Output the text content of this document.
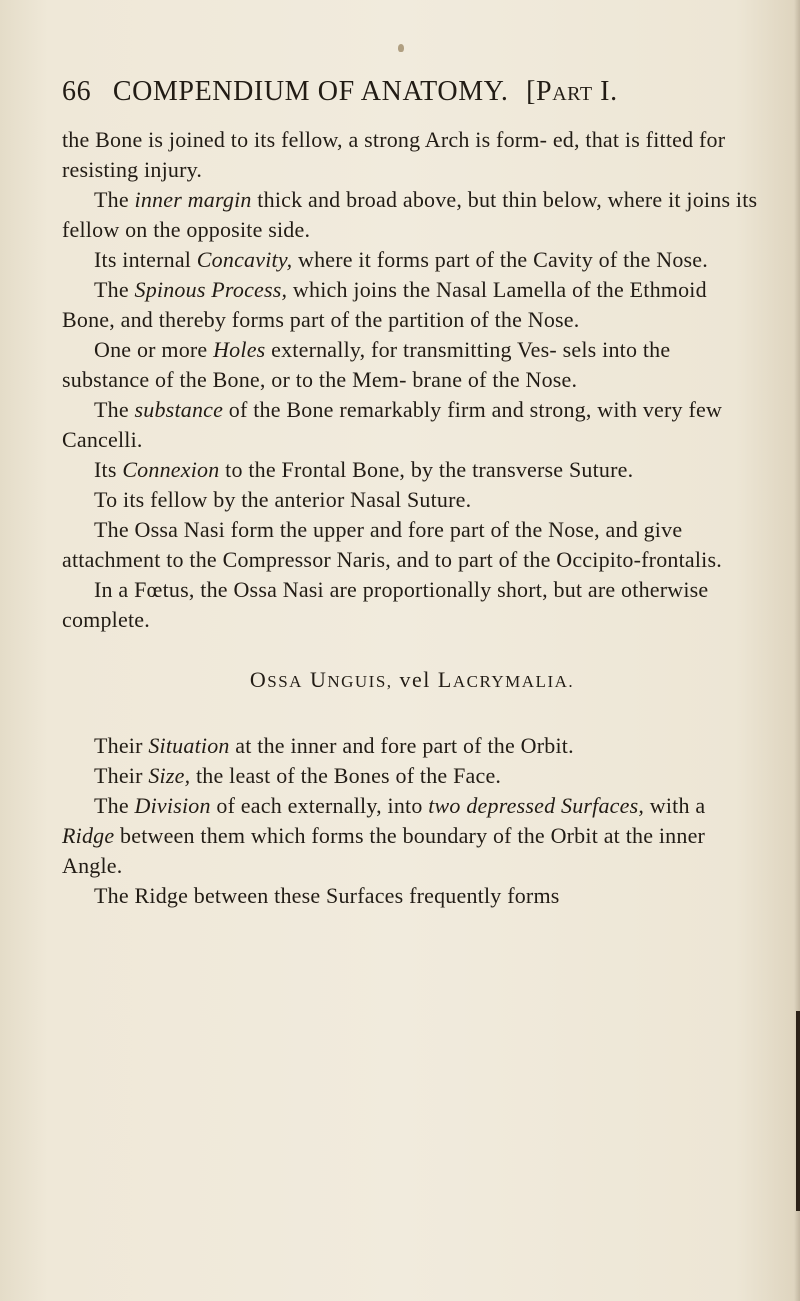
66 COMPENDIUM OF ANATOMY. [PART I.

the Bone is joined to its fellow, a strong Arch is form- ed, that is fitted for resisting injury.

The inner margin thick and broad above, but thin below, where it joins its fellow on the opposite side.

Its internal Concavity, where it forms part of the Cavity of the Nose.

The Spinous Process, which joins the Nasal Lamella of the Ethmoid Bone, and thereby forms part of the partition of the Nose.

One or more Holes externally, for transmitting Ves- sels into the substance of the Bone, or to the Mem- brane of the Nose.

The substance of the Bone remarkably firm and strong, with very few Cancelli.

Its Connexion to the Frontal Bone, by the transverse Suture.

To its fellow by the anterior Nasal Suture.

The Ossa Nasi form the upper and fore part of the Nose, and give attachment to the Compressor Naris, and to part of the Occipito-frontalis.

In a Fœtus, the Ossa Nasi are proportionally short, but are otherwise complete.

OSSA UNGUIS, vel LACRYMALIA.

Their Situation at the inner and fore part of the Orbit.

Their Size, the least of the Bones of the Face.

The Division of each externally, into two depressed Surfaces, with a Ridge between them which forms the boundary of the Orbit at the inner Angle.

The Ridge between these Surfaces frequently forms
